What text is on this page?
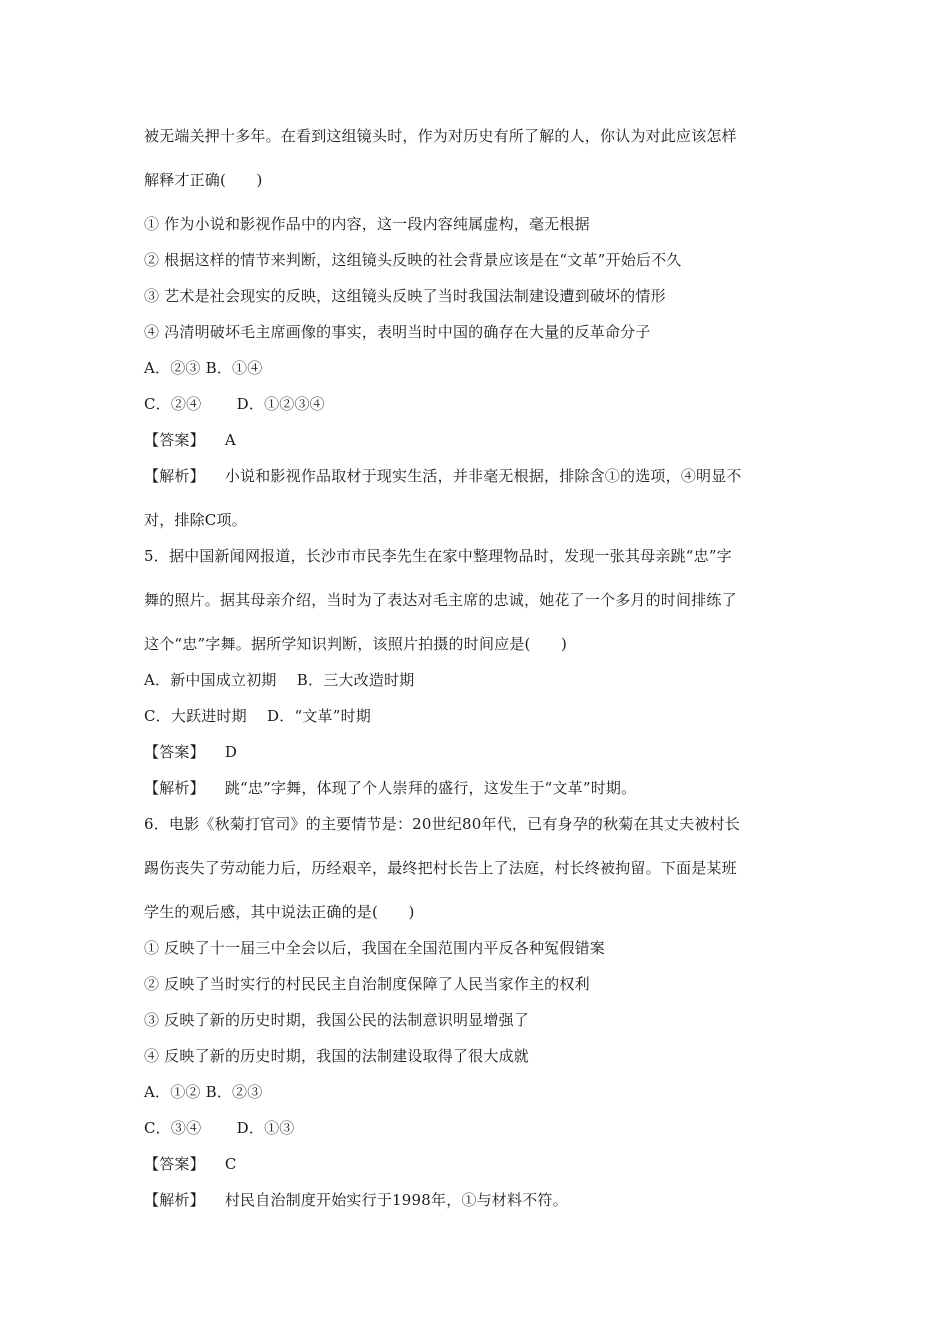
被无端关押十多年。在看到这组镜头时，作为对历史有所了解的人，你认为对此应该怎样
解释才正确(　　)
① 作为小说和影视作品中的内容，这一段内容纯属虚构，毫无根据
② 根据这样的情节来判断，这组镜头反映的社会背景应该是在“文革”开始后不久
③ 艺术是社会现实的反映，这组镜头反映了当时我国法制建设遭到破坏的情形
④ 冯清明破坏毛主席画像的事实，表明当时中国的确存在大量的反革命分子
A．②③ B．①④
C．②④　　 D．①②③④
【答案】 A
【解析】 小说和影视作品取材于现实生活，并非毫无根据，排除含①的选项，④明显不
对，排除C项。
5．据中国新闻网报道，长沙市市民李先生在家中整理物品时，发现一张其母亲跳“忠”字
舞的照片。据其母亲介绍，当时为了表达对毛主席的忠诚，她花了一个多月的时间排练了
这个“忠”字舞。据所学知识判断，该照片拍摄的时间应是(　　)
A．新中国成立初期　 B．三大改造时期
C．大跃进时期　 D．“文革”时期
【答案】 D
【解析】 跳“忠”字舞，体现了个人崇拜的盛行，这发生于“文革”时期。
6．电影《秋菊打官司》的主要情节是：20世纪80年代，已有身孕的秋菊在其丈夫被村长
踢伤丧失了劳动能力后，历经艰辛，最终把村长告上了法庭，村长终被拘留。下面是某班
学生的观后感，其中说法正确的是(　　)
① 反映了十一届三中全会以后，我国在全国范围内平反各种冤假错案
② 反映了当时实行的村民民主自治制度保障了人民当家作主的权利
③ 反映了新的历史时期，我国公民的法制意识明显增强了
④ 反映了新的历史时期，我国的法制建设取得了很大成就
A．①② B．②③
C．③④　　 D．①③
【答案】 C
【解析】 村民自治制度开始实行于1998年，①与材料不符。
